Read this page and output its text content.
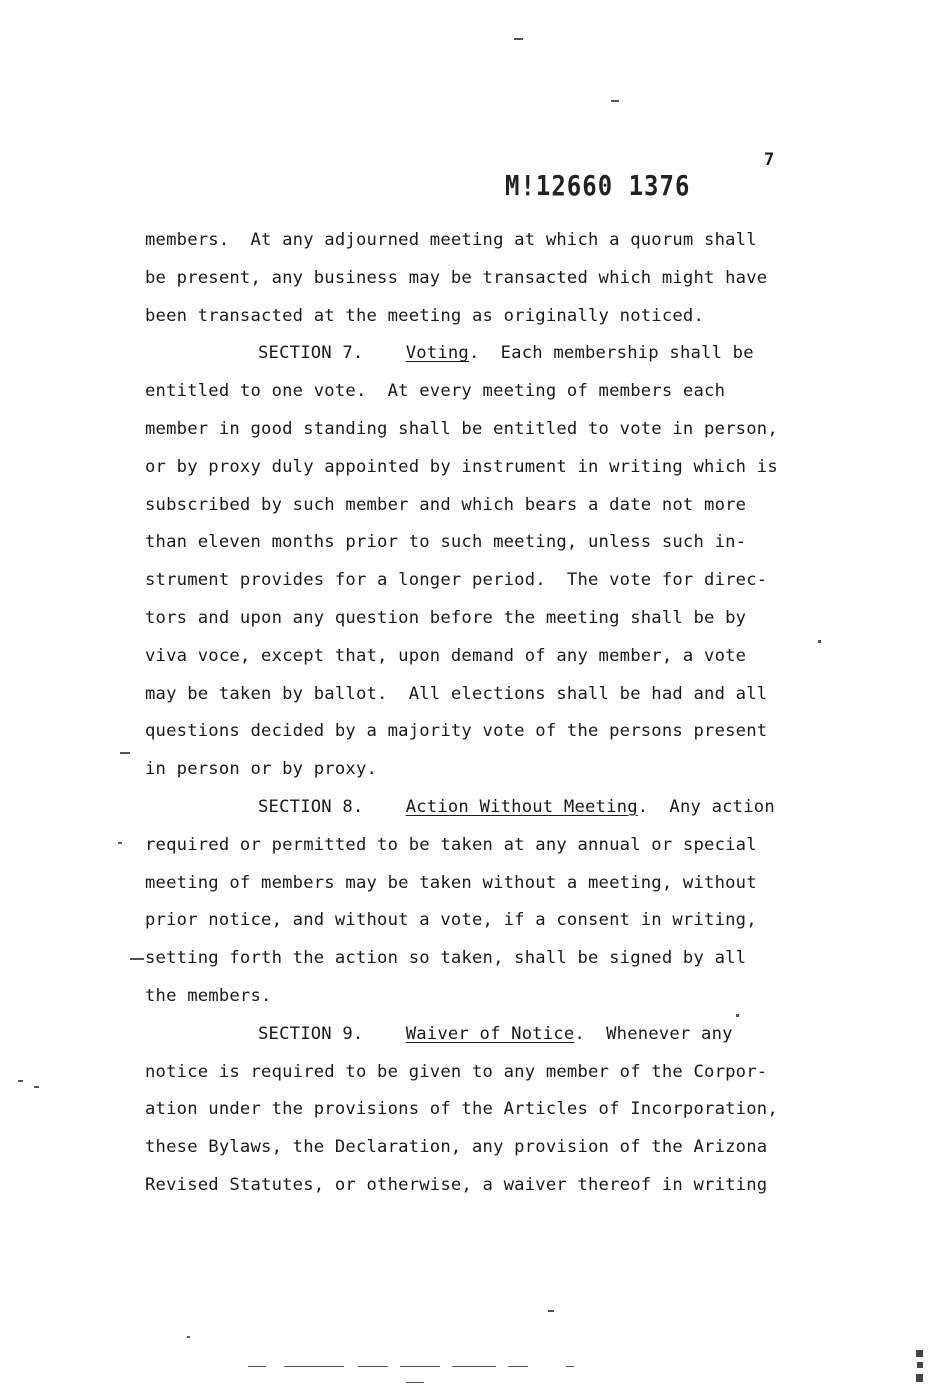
7
M!12660 1376
members.  At any adjourned meeting at which a quorum shall
be present, any business may be transacted which might have
been transacted at the meeting as originally noticed.
SECTION 7. Voting.  Each membership shall be
entitled to one vote.  At every meeting of members each
member in good standing shall be entitled to vote in person,
or by proxy duly appointed by instrument in writing which is
subscribed by such member and which bears a date not more
than eleven months prior to such meeting, unless such in-
strument provides for a longer period.  The vote for direc-
tors and upon any question before the meeting shall be by
viva voce, except that, upon demand of any member, a vote
may be taken by ballot.  All elections shall be had and all
questions decided by a majority vote of the persons present
in person or by proxy.
SECTION 8. Action Without Meeting.  Any action
required or permitted to be taken at any annual or special
meeting of members may be taken without a meeting, without
prior notice, and without a vote, if a consent in writing,
setting forth the action so taken, shall be signed by all
the members.
SECTION 9. Waiver of Notice.  Whenever any
notice is required to be given to any member of the Corpor-
ation under the provisions of the Articles of Incorporation,
these Bylaws, the Declaration, any provision of the Arizona
Revised Statutes, or otherwise, a waiver thereof in writing
